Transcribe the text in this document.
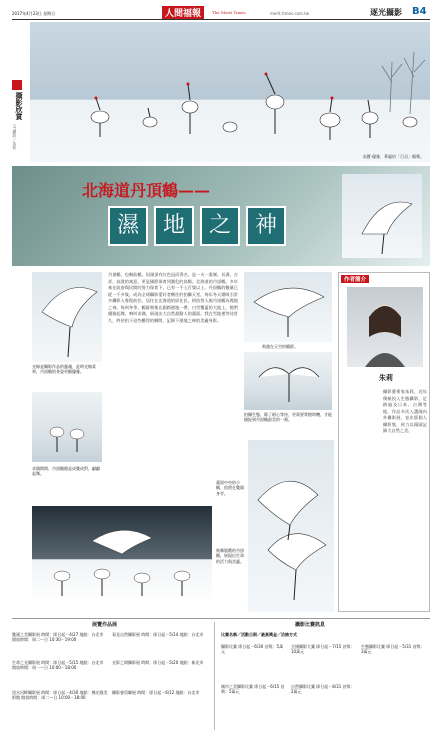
2017年4月23日 星期日	人間福報	The Merit Times	merit.times.com.tw	逐光攝影 B4
高寶‧優雅，華麗的「百羽」鶴舞。
攝影欣賞
文‧攝影／朱莉
北海道丹頂鶴——
濕	地	之	神
光線是攝影作品的靈魂，此時光線柔和，丹頂鶴的身姿更顯優雅。
求偶期間，丹頂鶴總是成雙成對，翩翩起舞。
丹頂鶴，也稱仙鶴，因頭頂有紅色冠而得名，是一夫一妻制，長壽，吉祥，高貴的寓意，更是國際保育列瀕危的鳥類。北海道的丹頂鶴，多年來在政府與民間的努力保育下，已有一千七百隻以上。丹頂鶴的數量已從一千多隻，成為全球攝影愛好者嚮往的拍攝天堂，每年冬天總吸引許多攝影人專程前往。居住在北海道的原住民，阿依努人視丹頂鶴為溼地之神。每到冬季，鶴群聚集在釧路溼地一帶，白雪覆蓋的大地上，牠們優雅起舞，鳴叫求偶，展現出大自然最動人的畫面。我在雪地裡等待許久，終於拍下這些難得的瞬間，記錄下溼地之神的美麗身影。
飛越在天空的鶴群。
拍攝生態，除了耐心等待，更需要掌握時機，才能捕捉到丹頂鶴最美的一刻。
作者簡介
朱莉
攝影藝術家朱莉，近年積極投入生態攝影，足跡遍及日本、台灣等地，作品多次入選國內外攝影展，並出版個人攝影集，致力以鏡頭記錄大自然之美。
畫面中央的小鶴，依偎在雙親身旁。
飛舞嬉戲的丹頂鶴，展現出生命的活力與美麗。
展覽作品展
雙溪之美攝影展 時間：即日起－4/27 地點：台北市 開放時間：周二～日 10:30－19:00
生命之光攝影展 時間：即日起－5/15 地點：台北市 開放時間：周一～日 10:00－18:00
淡水河畔攝影展 時間：即日起－4/30 地點：佛光緣美術館 開放時間：周二～日 10:00－18:00
看見自然攝影展 時間：即日起－5/14 地點：台北市
光影之間攝影展 時間：即日起－5/20 地點：新北市
攝影會員聯展 時間：即日起－6/12 地點：台北市
攝影比賽訊息
比賽名稱／活動日期／最高獎金／洽詢方式
攝影比賽 即日起－6/30 首獎：5萬元
全國攝影大賽 即日起－7/15 首獎：10萬元
生態攝影比賽 即日起－5/31 首獎：3萬元
城市之美攝影比賽 即日起－6/15 首獎：5萬元
自然攝影比賽 即日起－8/31 首獎：2萬元
